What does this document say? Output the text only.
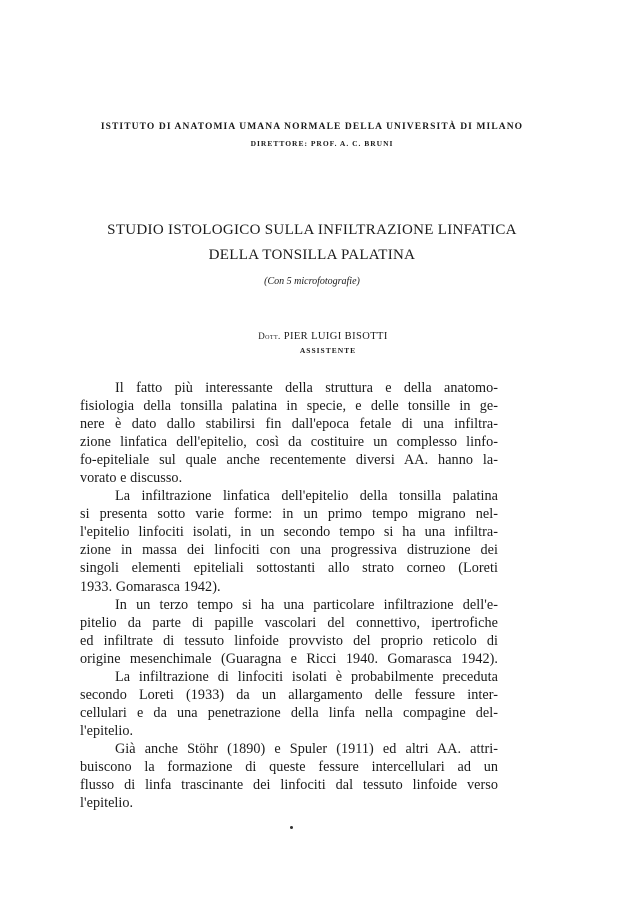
ISTITUTO DI ANATOMIA UMANA NORMALE DELLA UNIVERSITÀ DI MILANO
DIRETTORE: PROF. A. C. BRUNI
STUDIO ISTOLOGICO SULLA INFILTRAZIONE LINFATICA
DELLA TONSILLA PALATINA
(Con 5 microfotografie)
Dott. PIER LUIGI BISOTTI
ASSISTENTE
Il fatto più interessante della struttura e della anatomo-
fisiologia della tonsilla palatina in specie, e delle tonsille in ge-
nere è dato dallo stabilirsi fin dall'epoca fetale di una infiltra-
zione linfatica dell'epitelio, così da costituire un complesso linfo-
fo-epiteliale sul quale anche recentemente diversi AA. hanno la-
vorato e discusso.
La infiltrazione linfatica dell'epitelio della tonsilla palatina
si presenta sotto varie forme: in un primo tempo migrano nel-
l'epitelio linfociti isolati, in un secondo tempo si ha una infiltra-
zione in massa dei linfociti con una progressiva distruzione dei
singoli elementi epiteliali sottostanti allo strato corneo (Loreti
1933. Gomarasca 1942).
In un terzo tempo si ha una particolare infiltrazione dell'e-
pitelio da parte di papille vascolari del connettivo, ipertrofiche
ed infiltrate di tessuto linfoide provvisto del proprio reticolo di
origine mesenchimale (Guaragna e Ricci 1940. Gomarasca 1942).
La infiltrazione di linfociti isolati è probabilmente preceduta
secondo Loreti (1933) da un allargamento delle fessure inter-
cellulari e da una penetrazione della linfa nella compagine del-
l'epitelio.
Già anche Stöhr (1890) e Spuler (1911) ed altri AA. attri-
buiscono la formazione di queste fessure intercellulari ad un
flusso di linfa trascinante dei linfociti dal tessuto linfoide verso
l'epitelio.
